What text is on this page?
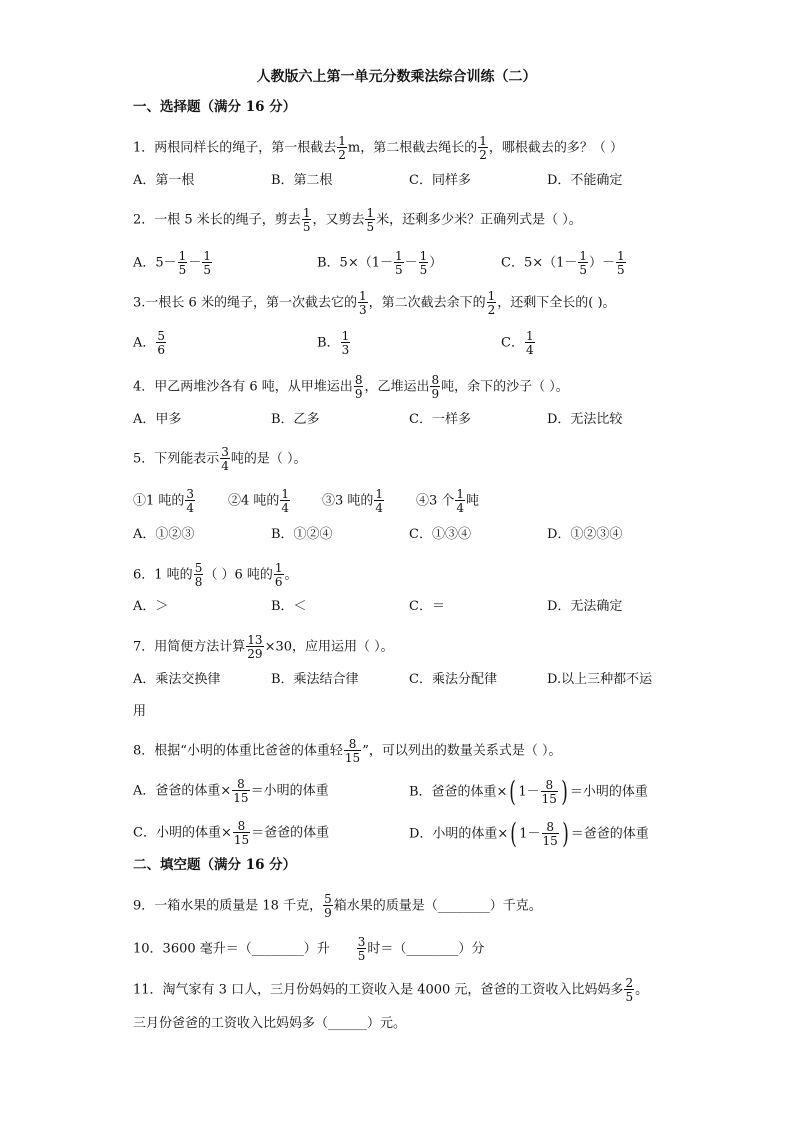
人教版六上第一单元分数乘法综合训练（二）
一、选择题（满分 16 分）
1．两根同样长的绳子，第一根截去 $\frac{1}{2}$ m，第二根截去绳长的 $\frac{1}{2}$ ，哪根截去的多？（ ）
A．第一根	B．第二根	C．同样多	D．不能确定
2．一根 5 米长的绳子，剪去 $\frac{1}{5}$ ，又剪去 $\frac{1}{5}$ 米，还剩多少米？正确列式是（ ）。
A．$5- \frac{1}{5} - \frac{1}{5}$	B．$5\times(1- \frac{1}{5} - \frac{1}{5}$ ）	C．$5\times(1- \frac{1}{5}$ ）－ $\frac{1}{5}$
3.一根长 6 米的绳子，第一次截去它的 $\frac{1}{3}$ ，第二次截去余下的 $\frac{1}{2}$ ，还剩下全长的( )。
A． $\frac{5}{6}$	B． $\frac{1}{3}$	C． $\frac{1}{4}$
4．甲乙两堆沙各有 6 吨，从甲堆运出 $\frac{8}{9}$ ，乙堆运出 $\frac{8}{9}$ 吨，余下的沙子（ ）。
A．甲多	B．乙多	C．一样多	D．无法比较
5．下列能表示 $\frac{3}{4}$ 吨的是（ ）。
①1 吨的 $\frac{3}{4}$	②4 吨的 $\frac{1}{4}$ ③3 吨的 $\frac{1}{4}$ ④3 个 $\frac{1}{4}$ 吨
A．①②③	B．①②④	C．①③④	D．①②③④
6．1 吨的 $\frac{5}{8}$ （ ）6 吨的 $\frac{1}{6}$ 。
A．＞	B．＜	C．＝	D．无法确定
7．用简便方法计算 $\frac{13}{29} \times 30$，应用运用（ ）。
A．乘法交换律	B．乘法结合律	C．乘法分配律	D.以上三种都不运
用
8．根据“小明的体重比爸爸的体重轻 $\frac{8}{15}$ ”，可以列出的数量关系式是（ ）。
A．爸爸的体重× $\frac{8}{15}$ ＝小明的体重	B．爸爸的体重×( $1- \frac{8}{15}$ ) ＝小明的体重
C．小明的体重× $\frac{8}{15}$ ＝爸爸的体重	D．小明的体重×( $1- \frac{8}{15}$ ) ＝爸爸的体重
二、填空题（满分 16 分）
9．一箱水果的质量是 18 千克， $\frac{5}{9}$ 箱水果的质量是（________）千克。
10．3600 毫升＝（________）升 $\frac{3}{5}$ 时＝（________）分
11．淘气家有 3 口人，三月份妈妈的工资收入是 4000 元，爸爸的工资收入比妈妈多 $\frac{2}{5}$ 。
三月份爸爸的工资收入比妈妈多（______）元。
